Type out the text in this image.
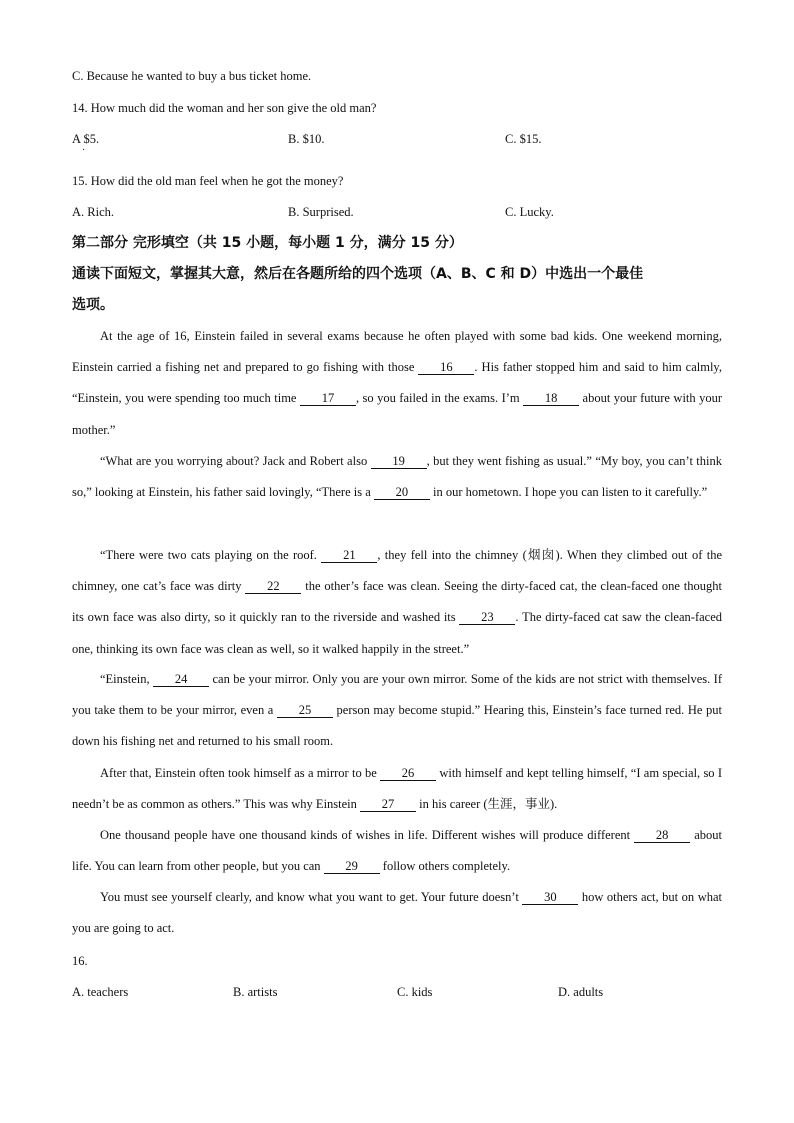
C. Because he wanted to buy a bus ticket home.
14. How much did the woman and her son give the old man?
A $5.
·
B. $10.	C. $15.
15. How did the old man feel when he got the money?
A. Rich.	B. Surprised.	C. Lucky.
第二部分 完形填空（共 15 小题，每小题 1 分，满分 15 分）
通读下面短文，掌握其大意，然后在各题所给的四个选项（A、B、C 和 D）中选出一个最佳
选项。
At the age of 16, Einstein failed in several exams because he often played with some bad kids. One weekend morning, Einstein carried a fishing net and prepared to go fishing with those 16 . His father stopped him and said to him calmly, “Einstein, you were spending too much time 17 , so you failed in the exams. I’m 18 about your future with your mother.”
“What are you worrying about? Jack and Robert also 19 , but they went fishing as usual.” “My boy, you can’t think so,” looking at Einstein, his father said lovingly, “There is a 20 in our hometown. I hope you can listen to it carefully.”
“There were two cats playing on the roof. 21 , they fell into the chimney (烟囱). When they climbed out of the chimney, one cat’s face was dirty 22 the other’s face was clean. Seeing the dirty-faced cat, the clean-faced one thought its own face was also dirty, so it quickly ran to the riverside and washed its 23 . The dirty-faced cat saw the clean-faced one, thinking its own face was clean as well, so it walked happily in the street.”
“Einstein, 24 can be your mirror. Only you are your own mirror. Some of the kids are not strict with themselves. If you take them to be your mirror, even a 25 person may become stupid.” Hearing this, Einstein’s face turned red. He put down his fishing net and returned to his small room.
After that, Einstein often took himself as a mirror to be 26 with himself and kept telling himself, “I am special, so I needn’t be as common as others.” This was why Einstein 27 in his career (生涯，事业).
One thousand people have one thousand kinds of wishes in life. Different wishes will produce different 28 about life. You can learn from other people, but you can 29 follow others completely.
You must see yourself clearly, and know what you want to get. Your future doesn’t 30 how others act, but on what you are going to act.
16.
A. teachers	B. artists	C. kids	D. adults
